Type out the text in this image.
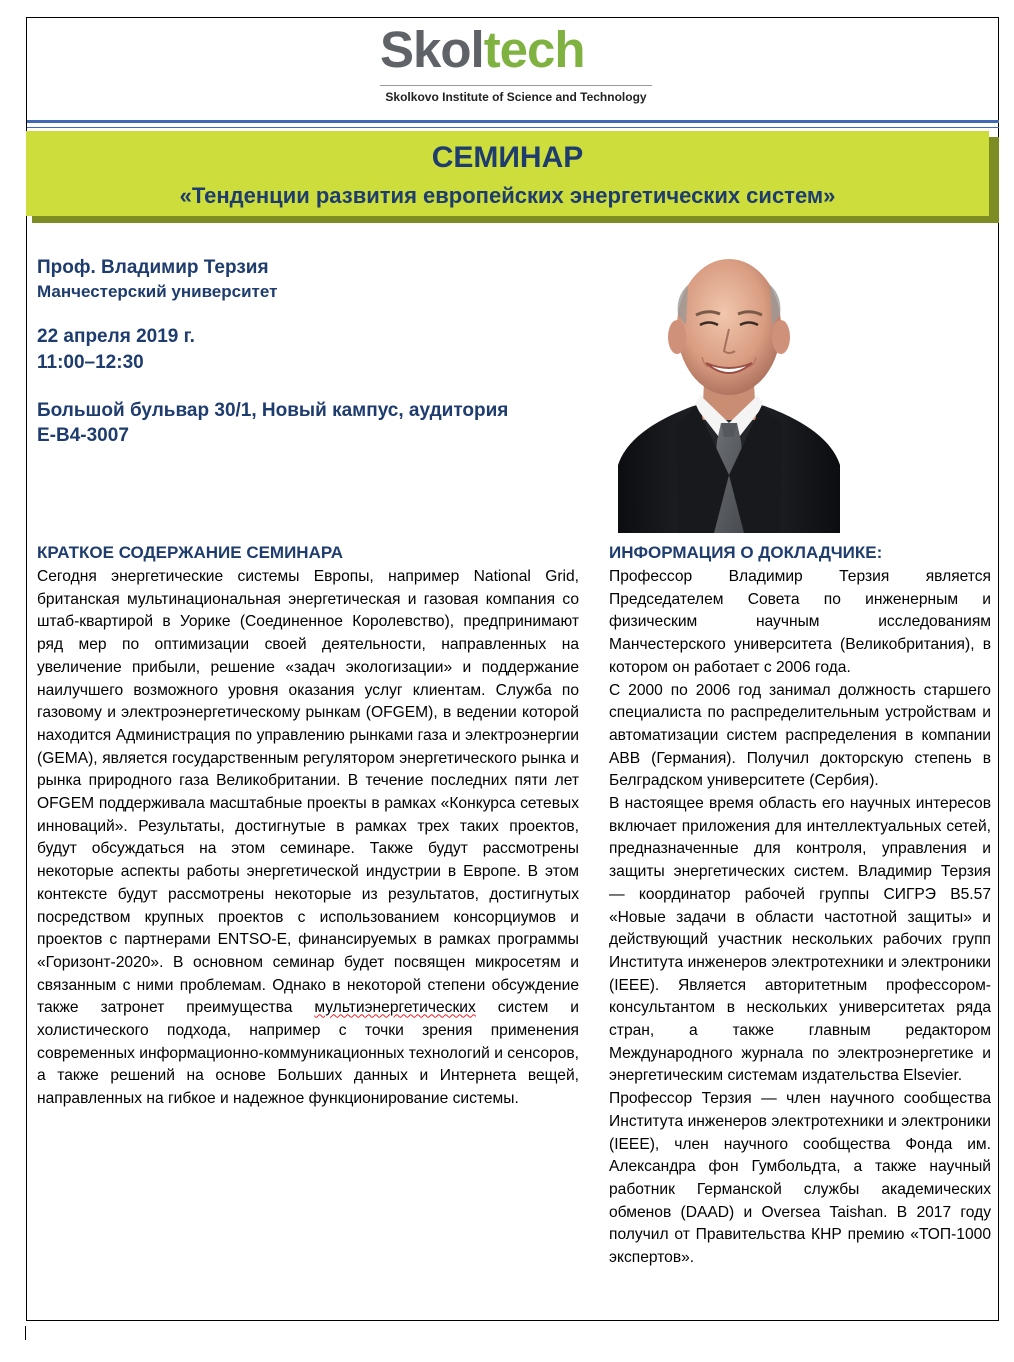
Skoltech
Skolkovo Institute of Science and Technology
СЕМИНАР
«Тенденции развития европейских энергетических систем»
Проф. Владимир Терзия
Манчестерский университет
22 апреля 2019 г.
11:00–12:30
Большой бульвар 30/1, Новый кампус, аудитория
E-B4-3007
КРАТКОЕ СОДЕРЖАНИЕ СЕМИНАРА	ИНФОРМАЦИЯ О ДОКЛАДЧИКЕ:

Сегодня энергетические системы Европы, например National Grid, британская мультинациональная энергетическая и газовая компания со штаб-квартирой в Уорике (Соединенное Королевство), предпринимают ряд мер по оптимизации своей деятельности, направленных на увеличение прибыли, решение «задач экологизации» и поддержание наилучшего возможного уровня оказания услуг клиентам. Служба по газовому и электроэнергетическому рынкам (OFGEM), в ведении которой находится Администрация по управлению рынками газа и электроэнергии (GEMA), является государственным регулятором энергетического рынка и рынка природного газа Великобритании. В течение последних пяти лет OFGEM поддерживала масштабные проекты в рамках «Конкурса сетевых инноваций». Результаты, достигнутые в рамках трех таких проектов, будут обсуждаться на этом семинаре. Также будут рассмотрены некоторые аспекты работы энергетической индустрии в Европе. В этом контексте будут рассмотрены некоторые из результатов, достигнутых посредством крупных проектов с использованием консорциумов и проектов с партнерами ENTSO-E, финансируемых в рамках программы «Горизонт-2020». В основном семинар будет посвящен микросетям и связанным с ними проблемам. Однако в некоторой степени обсуждение также затронет преимущества мультиэнергетических систем и холистического подхода, например с точки зрения применения современных информационно-коммуникационных технологий и сенсоров, а также решений на основе Больших данных и Интернета вещей, направленных на гибкое и надежное функционирование системы.

Профессор Владимир Терзия является Председателем Совета по инженерным и физическим научным исследованиям Манчестерского университета (Великобритания), в котором он работает с 2006 года.

С 2000 по 2006 год занимал должность старшего специалиста по распределительным устройствам и автоматизации систем распределения в компании ABB (Германия). Получил докторскую степень в Белградском университете (Сербия).

В настоящее время область его научных интересов включает приложения для интеллектуальных сетей, предназначенные для контроля, управления и защиты энергетических систем. Владимир Терзия — координатор рабочей группы СИГРЭ B5.57 «Новые задачи в области частотной защиты» и действующий участник нескольких рабочих групп Института инженеров электротехники и электроники (IEEE). Является авторитетным профессором-консультантом в нескольких университетах ряда стран, а также главным редактором Международного журнала по электроэнергетике и энергетическим системам издательства Elsevier.

Профессор Терзия — член научного сообщества Института инженеров электротехники и электроники (IEEE), член научного сообщества Фонда им. Александра фон Гумбольдта, а также научный работник Германской службы академических обменов (DAAD) и Oversea Taishan. В 2017 году получил от Правительства КНР премию «ТОП-1000 экспертов».
